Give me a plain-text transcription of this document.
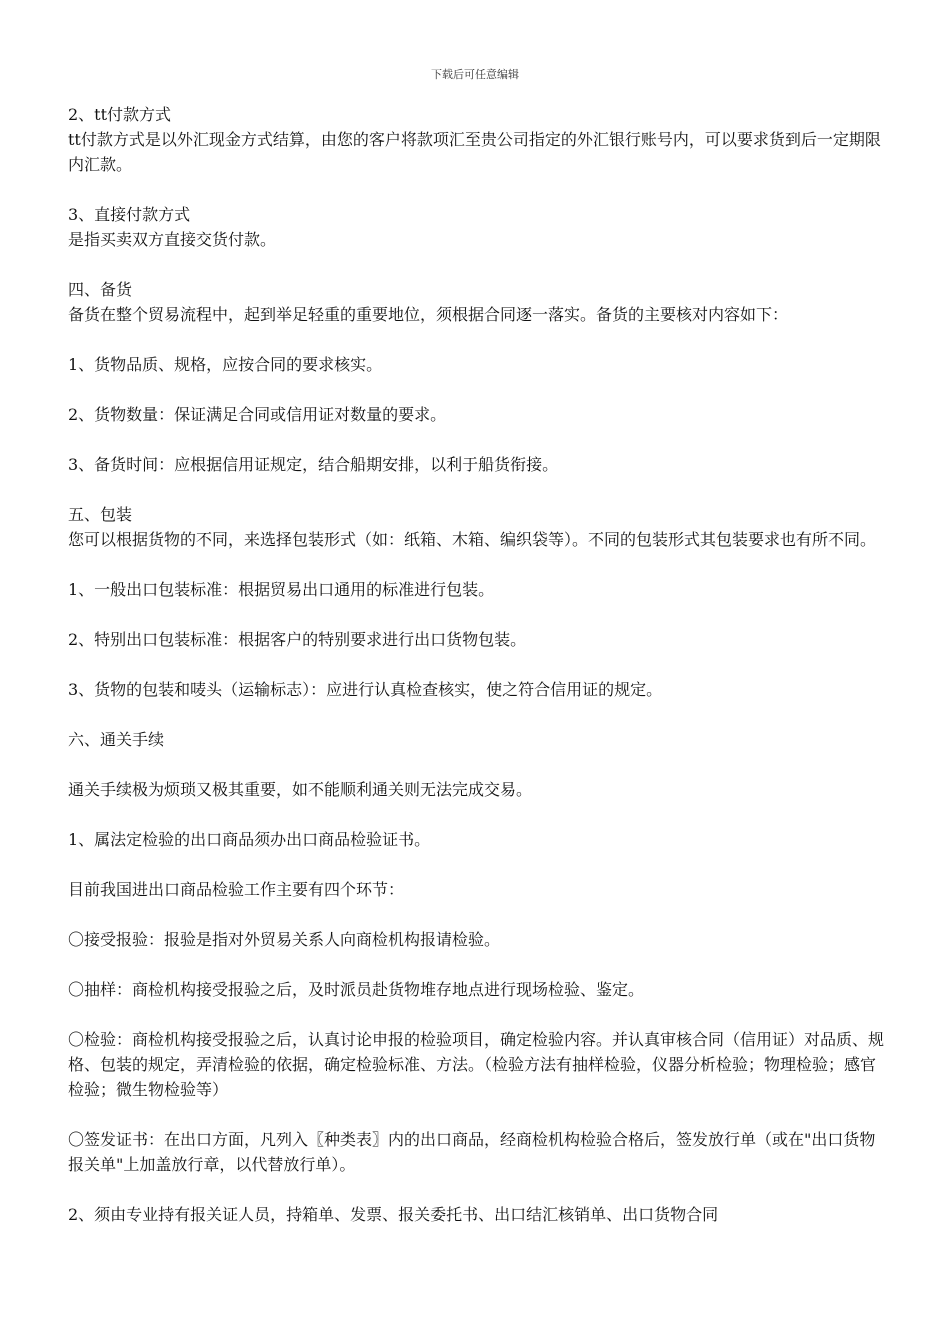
下载后可任意编辑

2、tt付款方式

tt付款方式是以外汇现金方式结算，由您的客户将款项汇至贵公司指定的外汇银行账号内，可以要求货到后一定期限内汇款。

3、直接付款方式

是指买卖双方直接交货付款。

四、备货

备货在整个贸易流程中，起到举足轻重的重要地位，须根据合同逐一落实。备货的主要核对内容如下：

1、货物品质、规格，应按合同的要求核实。

2、货物数量：保证满足合同或信用证对数量的要求。

3、备货时间：应根据信用证规定，结合船期安排，以利于船货衔接。

五、包装

您可以根据货物的不同，来选择包装形式（如：纸箱、木箱、编织袋等）。不同的包装形式其包装要求也有所不同。

1、一般出口包装标准：根据贸易出口通用的标准进行包装。

2、特别出口包装标准：根据客户的特别要求进行出口货物包装。

3、货物的包装和唛头（运输标志）：应进行认真检查核实，使之符合信用证的规定。

六、通关手续

通关手续极为烦琐又极其重要，如不能顺利通关则无法完成交易。

1、属法定检验的出口商品须办出口商品检验证书。

目前我国进出口商品检验工作主要有四个环节：

〇接受报验：报验是指对外贸易关系人向商检机构报请检验。

〇抽样：商检机构接受报验之后，及时派员赴货物堆存地点进行现场检验、鉴定。

〇检验：商检机构接受报验之后，认真讨论申报的检验项目，确定检验内容。并认真审核合同（信用证）对品质、规格、包装的规定，弄清检验的依据，确定检验标准、方法。（检验方法有抽样检验，仪器分析检验；物理检验；感官检验；微生物检验等）

〇签发证书：在出口方面，凡列入〖种类表〗内的出口商品，经商检机构检验合格后，签发放行单（或在"出口货物报关单"上加盖放行章，以代替放行单）。

2、须由专业持有报关证人员，持箱单、发票、报关委托书、出口结汇核销单、出口货物合同
